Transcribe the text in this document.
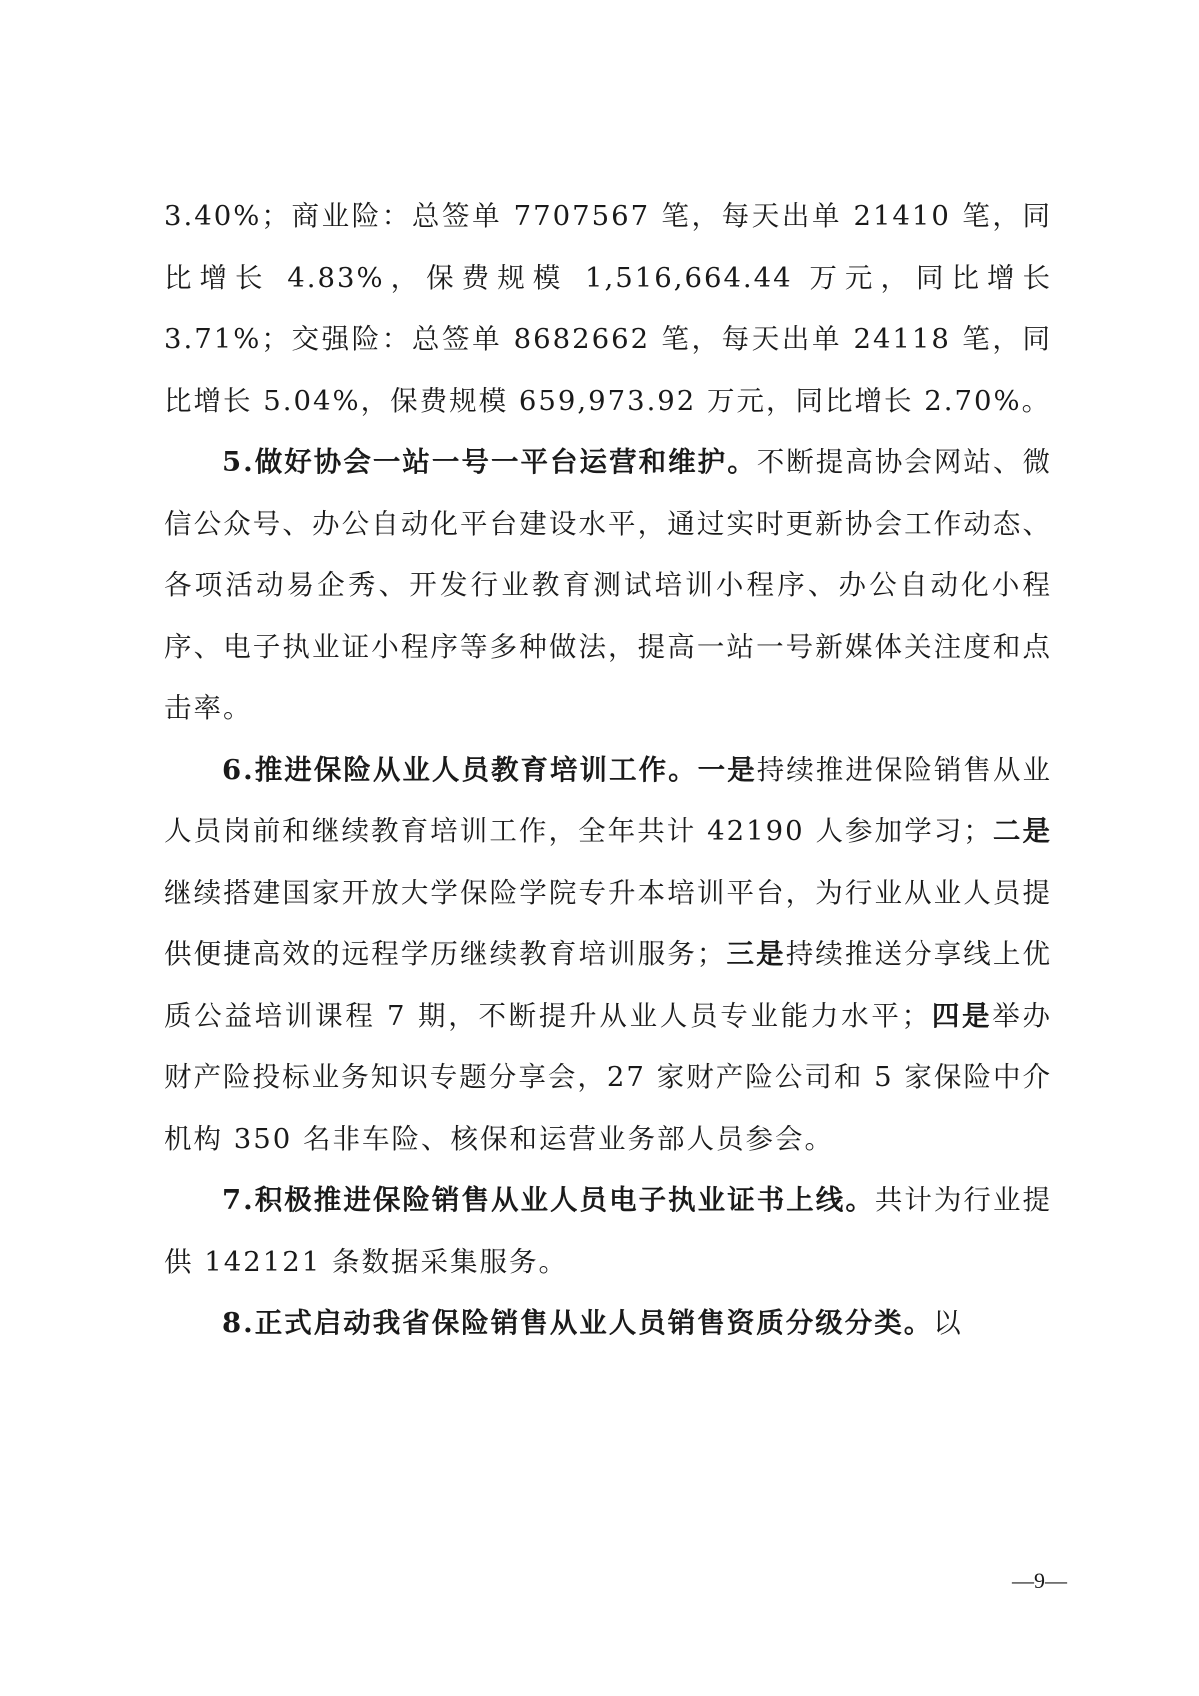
3.40%；商业险：总签单 7707567 笔，每天出单 21410 笔，同比增长 4.83%，保费规模 1,516,664.44 万元，同比增长 3.71%；交强险：总签单 8682662 笔，每天出单 24118 笔，同比增长 5.04%，保费规模 659,973.92 万元，同比增长 2.70%。

5.做好协会一站一号一平台运营和维护。不断提高协会网站、微信公众号、办公自动化平台建设水平，通过实时更新协会工作动态、各项活动易企秀、开发行业教育测试培训小程序、办公自动化小程序、电子执业证小程序等多种做法，提高一站一号新媒体关注度和点击率。

6.推进保险从业人员教育培训工作。一是持续推进保险销售从业人员岗前和继续教育培训工作，全年共计 42190 人参加学习；二是继续搭建国家开放大学保险学院专升本培训平台，为行业从业人员提供便捷高效的远程学历继续教育培训服务；三是持续推送分享线上优质公益培训课程 7 期，不断提升从业人员专业能力水平；四是举办财产险投标业务知识专题分享会，27 家财产险公司和 5 家保险中介机构 350 名非车险、核保和运营业务部人员参会。

7.积极推进保险销售从业人员电子执业证书上线。共计为行业提供 142121 条数据采集服务。

8.正式启动我省保险销售从业人员销售资质分级分类。以

—9—
